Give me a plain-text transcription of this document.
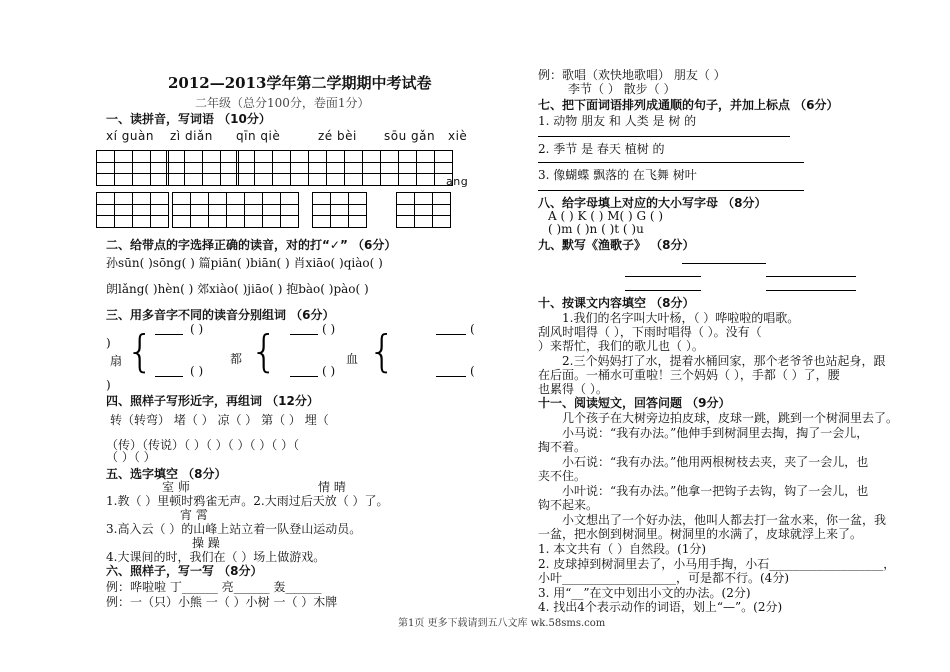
2012—2013学年第二学期期中考试卷
二年级（总分100分，卷面1分）
一、读拼音，写词语 （10分）
xí guàn zì diǎn qīn qiè	zé bèi sōu gǎn xiè
ang
二、给带点的字选择正确的读音，对的打“✓” （6分）
孙sūn( )sōng( ) 篇piān( )biān( ) 肖xiāo( )qiào( )
朗lǎng( )hèn( ) 郊xiào( )jiāo( ) 抱bào( )pào( )
三、用多音字不同的读音分别组词 （6分）
( )	( )	(
)
扇 {	都 {	血 {
( )	( )	(
)
四、照样子写形近字，再组词 （12分）
转（转弯） 堵（ ） 凉（ ） 第（ ） 埋（
（传）（传说）（ ）（ ）（ ）（ ）（ ）（
（ ）（ ）
五、选字填空 （8分）
室 师	情 晴
1.教（ ）里顿时鸦雀无声。2.大雨过后天放（ ）了。
宵 霄
3.高入云（ ）的山峰上站立着一队登山运动员。
操 躁
4.大课间的时，我们在（ ）场上做游戏。
六、照样子，写一写 （8分）
例：哗啦啦 丁______ 亮______ 轰______
例：一（只）小熊 一（ ）小树 一（ ）木牌
例：歌唱（欢快地歌唱） 朋友（ ）
李节（ ） 散步（ ）
七、把下面词语排列成通顺的句子，并加上标点 （6分）
1. 动物 朋友 和 人类 是 树 的
2. 季节 是 春天 植树 的
3. 像蝴蝶 飘落的 在飞舞 树叶
八、给字母填上对应的大小写字母 （8分）
A ( ) K ( ) M( ) G ( )
( )m ( )n ( )t ( )u
九、默写《渔歌子》 （8分）
十、按课文内容填空 （8分）
1.我们的名字叫大叶杨，（ ）哗啦啦的唱歌。
刮风时唱得（ ），下雨时唱得（ ）。没有（
）来帮忙，我们的歌儿也（ ）。
2.三个妈妈打了水，提着水桶回家，那个老爷爷也站起身，跟
在后面。一桶水可重啦！三个妈妈（ ），手都（ ）了，腰
也累得（ ）。
十一、阅读短文，回答问题 （9分）
几个孩子在大树旁边拍皮球，皮球一跳，跳到一个树洞里去了。
小马说：“我有办法。”他伸手到树洞里去掏，掏了一会儿，
掏不着。
小石说：“我有办法。”他用两根树枝去夹，夹了一会儿，也
夹不住。
小叶说：“我有办法。”他拿一把钩子去钩，钩了一会儿，也
钩不起来。
小文想出了一个好办法，他叫人都去打一盆水来，你一盆，我
一盆，把水倒到树洞里。树洞里的水满了，皮球就浮上来了。
1. 本文共有（ ）自然段。(1分)
2. 皮球掉到树洞里去了，小马用手掏，小石___________________，
小叶___________________，可是都不行。(4分)
3. 用“__”在文中划出小文的办法。(2分)
4. 找出4个表示动作的词语，划上“—”。(2分)
第1页 更多下载请到五八文库 wk.58sms.com
